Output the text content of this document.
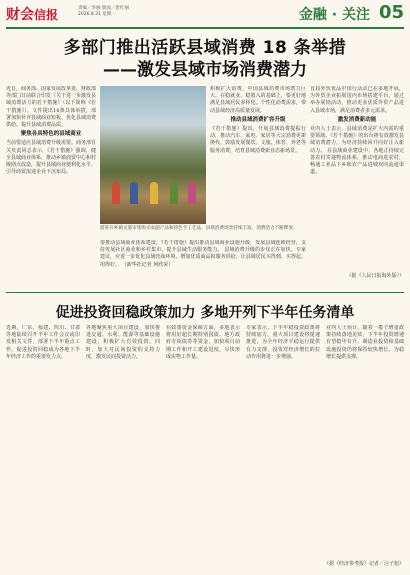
财会信报	责编／李丽 版面／唐红丽
2026.8.31 星期一	金融 · 关注 05
多部门推出活跃县域消费 18 条举措
——激发县域市场消费潜力
近日，商务部、国家发展改革委、财政部等部门日前联合印发《关于进一步激发县域消费活力的若干措施》（以下简称《若干措施》）。文件提出18条具体举措，部署加快补齐县域商业短板、优化县域消费供给、提升县域消费品质。
聚焦各具特色的县域商业
当前要适应县域消费升级需要。商务部有关负责同志表示，《若干措施》强调，健全县域商业体系，推动乡镇商贸中心和村级网点改造，提升县域商业便利化水平，引导商贸流通企业下沉布局。
积极扩大消费，中国县域消费市场潜力巨大。在稳就业、稳收入的基础上，要更好地满足县域居民多样化、个性化消费需求，带动县域经济高质量发展。
推动县域消费扩容升级
《若干措施》提出，开展县域消费提振行动，推动汽车、家电、家居等大宗消费更新换代，鼓励发展餐饮、文旅、体育、养老等服务消费，培育县域消费新业态新场景。
首届外贸优品中国行活动已在多地开展，为外贸企业拓展国内市场搭建平台。通过举办展销活动，推动更多优质外贸产品进入县域市场，满足消费者多元需求。
激发消费新动能
业内人士表示，县域消费是扩大内需的重要领域。《若干措施》的出台将有效激发县域消费潜力，为经济持续回升向好注入新动力。 在县域商业建设中，各地正持续完善农村寄递物流体系，推动电商进农村，畅通工业品下乡和农产品进城双向流通渠道。
游客在乡镇文旅市集购买农副产品和特色手工艺品，县域消费场景持续丰富，消费活力不断释放。
要推动县域商业体系建设，《若干措施》提出推动县域商业设施升级，发展县域连锁经营，支持发展社区商业和乡村集市，提升县域生活服务能力。 县域消费升级的步伐正在加快。专家建议，应进一步优化县域营商环境，增加优质商品和服务供给，让县域居民买得到、买得起、用得好。 （新华社记者 何欣荣）
（据《人民日报海外版》）
促进投资回稳政策加力 多地开列下半年任务清单
近期，广东、福建、四川、甘肃等地陆续召开半年工作会议或印发相关文件，部署下半年重点工作。促进投资回稳成为各地下半年经济工作的重要发力点。
各地聚焦重大项目建设，加快推进交通、水利、能源等基础设施建设，积极扩大有效投资。同时，加大对民间投资的支持力度，激发民间投资活力。
在政策资金保障方面，多地表示将用好超长期特别国债、地方政府专项债券等资金，加快项目前期工作和开工建设进度，尽快形成实物工作量。
专家表示，下半年稳投资政策将持续加力，重大项目建设将提速推进，为全年经济平稳运行提供有力支撑，投资对经济增长的拉动作用将进一步增强。
业内人士预计，随着一揽子增量政策持续落地见效，下半年投资增速有望稳中有升，制造业投资和基础设施投资仍将保持较快增长，为稳增长提供支撑。
（据《经济参考报》记者／汪子旭）
